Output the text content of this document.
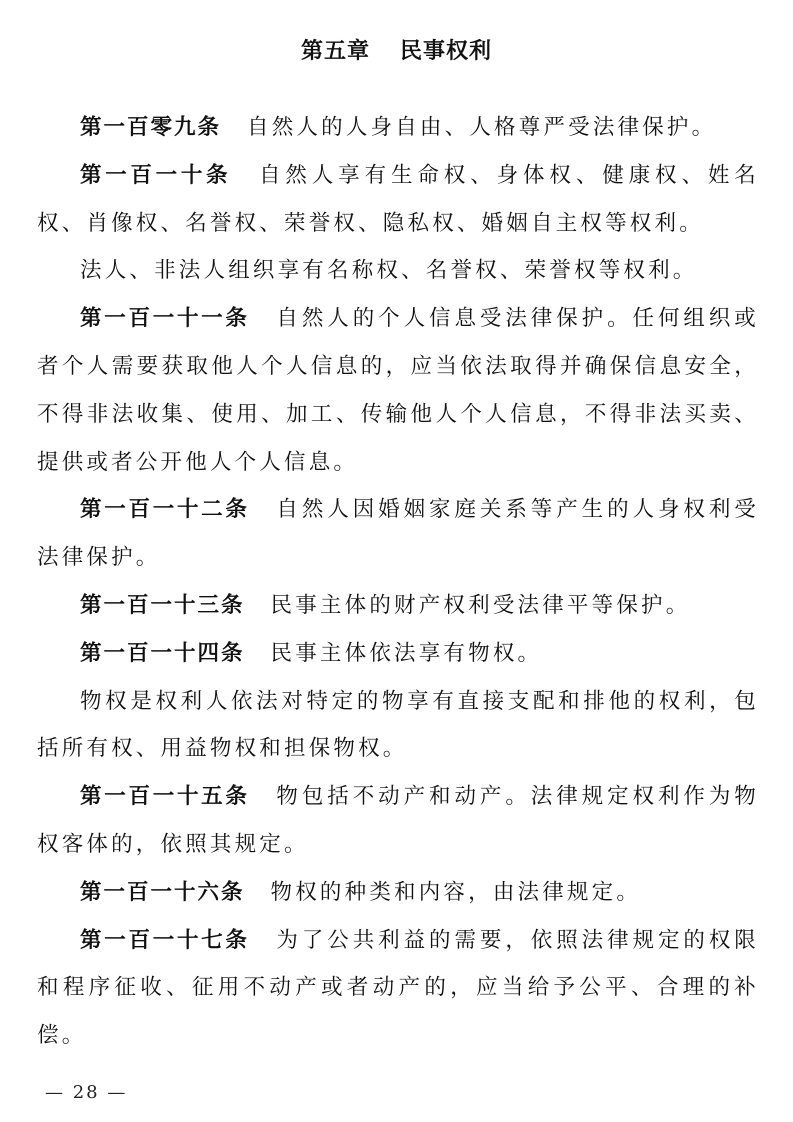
第五章 民事权利

第一百零九条 自然人的人身自由、人格尊严受法律保护。

第一百一十条 自然人享有生命权、身体权、健康权、姓名权、肖像权、名誉权、荣誉权、隐私权、婚姻自主权等权利。

法人、非法人组织享有名称权、名誉权、荣誉权等权利。

第一百一十一条 自然人的个人信息受法律保护。任何组织或者个人需要获取他人个人信息的，应当依法取得并确保信息安全，不得非法收集、使用、加工、传输他人个人信息，不得非法买卖、提供或者公开他人个人信息。

第一百一十二条 自然人因婚姻家庭关系等产生的人身权利受法律保护。

第一百一十三条 民事主体的财产权利受法律平等保护。

第一百一十四条 民事主体依法享有物权。

物权是权利人依法对特定的物享有直接支配和排他的权利，包括所有权、用益物权和担保物权。

第一百一十五条 物包括不动产和动产。法律规定权利作为物权客体的，依照其规定。

第一百一十六条 物权的种类和内容，由法律规定。

第一百一十七条 为了公共利益的需要，依照法律规定的权限和程序征收、征用不动产或者动产的，应当给予公平、合理的补偿。

— 28 —
